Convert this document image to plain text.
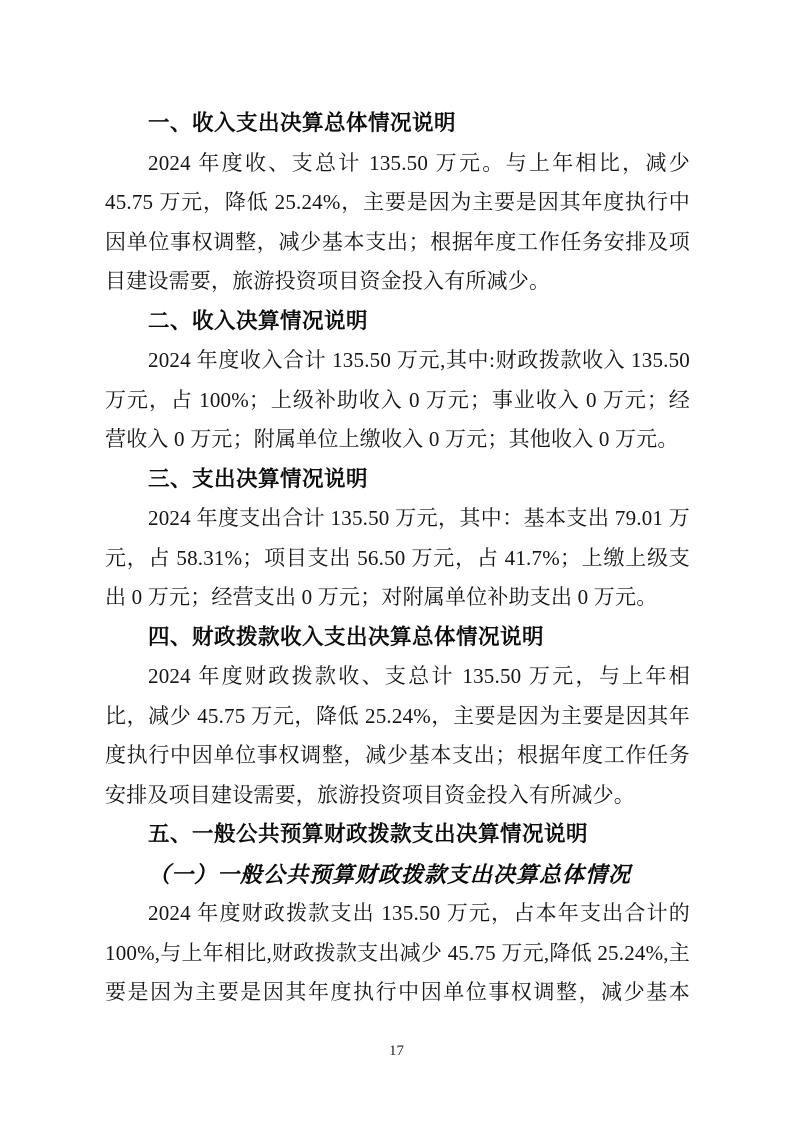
一、收入支出决算总体情况说明

2024 年度收、支总计 135.50 万元。与上年相比，减少 45.75 万元，降低 25.24%，主要是因为主要是因其年度执行中因单位事权调整，减少基本支出；根据年度工作任务安排及项目建设需要，旅游投资项目资金投入有所减少。

二、收入决算情况说明

2024 年度收入合计 135.50 万元,其中:财政拨款收入 135.50 万元，占 100%；上级补助收入 0 万元；事业收入 0 万元；经营收入 0 万元；附属单位上缴收入 0 万元；其他收入 0 万元。

三、支出决算情况说明

2024 年度支出合计 135.50 万元，其中：基本支出 79.01 万元，占 58.31%；项目支出 56.50 万元，占 41.7%；上缴上级支出 0 万元；经营支出 0 万元；对附属单位补助支出 0 万元。

四、财政拨款收入支出决算总体情况说明

2024 年度财政拨款收、支总计 135.50 万元，与上年相比，减少 45.75 万元，降低 25.24%，主要是因为主要是因其年度执行中因单位事权调整，减少基本支出；根据年度工作任务安排及项目建设需要，旅游投资项目资金投入有所减少。

五、一般公共预算财政拨款支出决算情况说明
（一）一般公共预算财政拨款支出决算总体情况

2024 年度财政拨款支出 135.50 万元，占本年支出合计的 100%,与上年相比,财政拨款支出减少 45.75 万元,降低 25.24%,主要是因为主要是因其年度执行中因单位事权调整，减少基本

17
